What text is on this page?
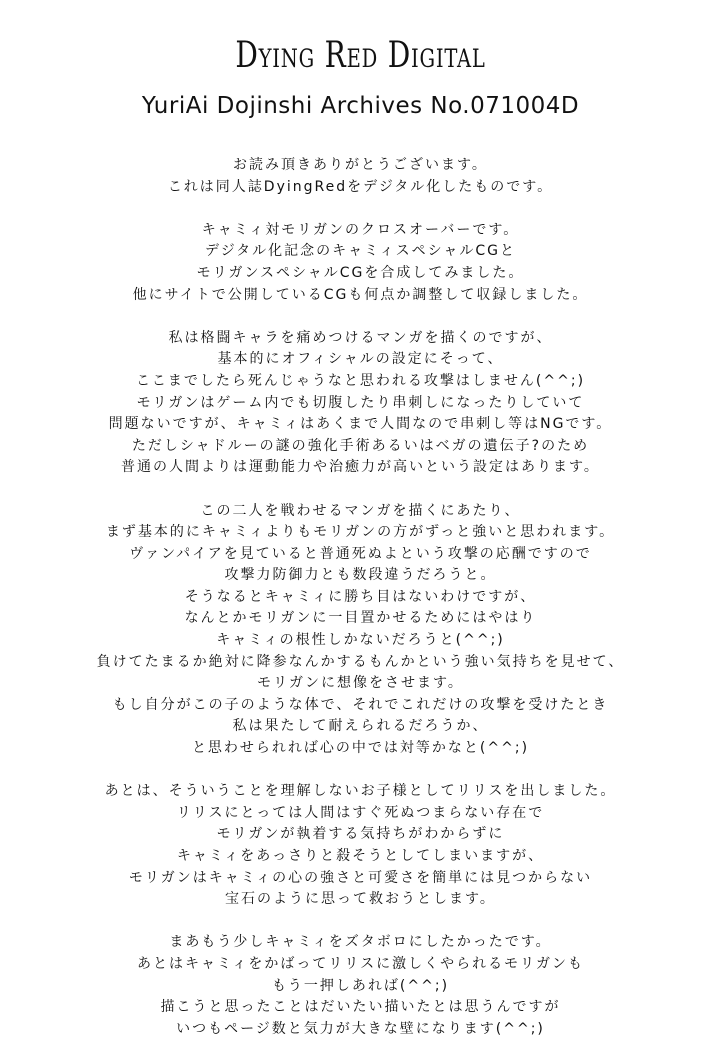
Dying Red Digital
YuriAi Dojinshi Archives No.071004D
お読み頂きありがとうございます。
これは同人誌DyingRedをデジタル化したものです。
キャミィ対モリガンのクロスオーバーです。
デジタル化記念のキャミィスペシャルCGと
モリガンスペシャルCGを合成してみました。
他にサイトで公開しているCGも何点か調整して収録しました。
私は格闘キャラを痛めつけるマンガを描くのですが、
基本的にオフィシャルの設定にそって、
ここまでしたら死んじゃうなと思われる攻撃はしません(^^;)
モリガンはゲーム内でも切腹したり串刺しになったりしていて
問題ないですが、キャミィはあくまで人間なので串刺し等はNGです。
ただしシャドルーの謎の強化手術あるいはベガの遺伝子?のため
普通の人間よりは運動能力や治癒力が高いという設定はあります。
この二人を戦わせるマンガを描くにあたり、
まず基本的にキャミィよりもモリガンの方がずっと強いと思われます。
ヴァンパイアを見ていると普通死ぬよという攻撃の応酬ですので
攻撃力防御力とも数段違うだろうと。
そうなるとキャミィに勝ち目はないわけですが、
なんとかモリガンに一目置かせるためにはやはり
キャミィの根性しかないだろうと(^^;)
負けてたまるか絶対に降参なんかするもんかという強い気持ちを見せて、
モリガンに想像をさせます。
もし自分がこの子のような体で、それでこれだけの攻撃を受けたとき
私は果たして耐えられるだろうか、
と思わせられれば心の中では対等かなと(^^;)
あとは、そういうことを理解しないお子様としてリリスを出しました。
リリスにとっては人間はすぐ死ぬつまらない存在で
モリガンが執着する気持ちがわからずに
キャミィをあっさりと殺そうとしてしまいますが、
モリガンはキャミィの心の強さと可愛さを簡単には見つからない
宝石のように思って救おうとします。
まあもう少しキャミィをズタボロにしたかったです。
あとはキャミィをかばってリリスに激しくやられるモリガンも
もう一押しあれば(^^;)
描こうと思ったことはだいたい描いたとは思うんですが
いつもページ数と気力が大きな壁になります(^^;)
